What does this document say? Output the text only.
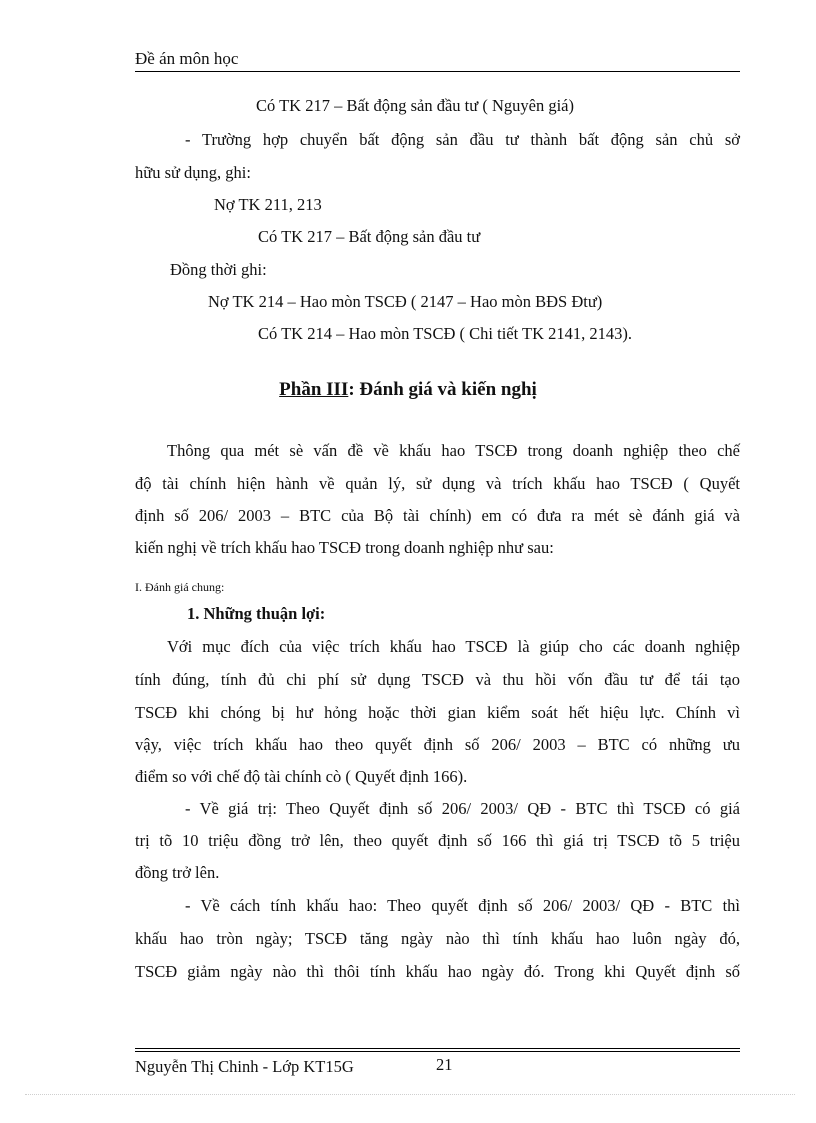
Đề án môn học
Có TK 217 – Bất động sản đầu tư ( Nguyên giá)
- Trường hợp chuyển bất động sản đầu tư thành bất động sản chủ sở
hữu sử dụng, ghi:
Nợ TK 211, 213
Có TK 217 – Bất động sản đầu tư
Đồng thời ghi:
Nợ TK 214 – Hao mòn TSCĐ ( 2147 – Hao mòn BĐS Đtư)
Có TK 214 – Hao mòn TSCĐ ( Chi tiết TK 2141, 2143).
Phần III: Đánh giá và kiến nghị
Thông qua mét sè vấn đề về khấu hao TSCĐ trong doanh nghiệp theo chế
độ tài chính hiện hành về quản lý, sử dụng và trích khấu hao TSCĐ ( Quyết
định số 206/ 2003 – BTC của Bộ tài chính) em có đưa ra mét sè đánh giá và
kiến nghị về trích khấu hao TSCĐ trong doanh nghiệp như sau:
I. Đánh giá chung:
1. Những thuận lợi:
Với mục đích của việc trích khấu hao TSCĐ là giúp cho các doanh nghiệp
tính đúng, tính đủ chi phí sử dụng TSCĐ và thu hồi vốn đầu tư để tái tạo
TSCĐ khi chóng bị hư hỏng hoặc thời gian kiểm soát hết hiệu lực. Chính vì
vậy, việc trích khấu hao theo quyết định số 206/ 2003 – BTC có những ưu
điểm so với chế độ tài chính cò ( Quyết định 166).
- Về giá trị: Theo Quyết định số 206/ 2003/ QĐ - BTC thì TSCĐ có giá
trị tõ 10 triệu đồng trở lên, theo quyết định số 166 thì giá trị TSCĐ tõ 5 triệu
đồng trở lên.
- Về cách tính khấu hao: Theo quyết định số 206/ 2003/ QĐ - BTC thì
khấu hao tròn ngày; TSCĐ tăng ngày nào thì tính khấu hao luôn ngày đó,
TSCĐ giảm ngày nào thì thôi tính khấu hao ngày đó. Trong khi Quyết định số
Nguyễn Thị Chinh - Lớp KT15G	21
